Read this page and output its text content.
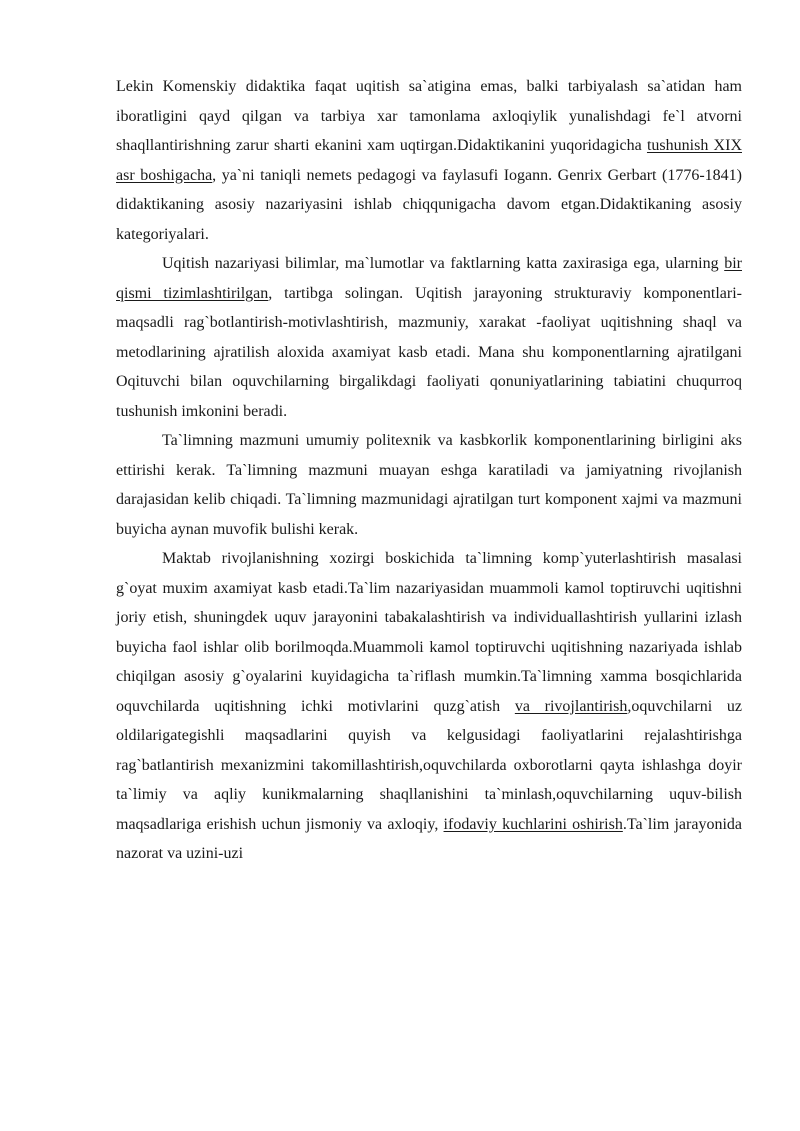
Lekin Komenskiy didaktika faqat uqitish sa`atigina emas, balki tarbiyalash sa`atidan ham iboratligini qayd qilgan va tarbiya xar tamonlama axloqiylik yunalishdagi fe`l atvorni shaqllantirishning zarur sharti ekanini xam uqtirgan.Didaktikanini yuqoridagicha tushunish XIX asr boshigacha, ya`ni taniqli nemets pedagogi va faylasufi Iogann. Genrix Gerbart (1776-1841) didaktikaning asosiy nazariyasini ishlab chiqqunigacha davom etgan.Didaktikaning asosiy kategoriyalari.

Uqitish nazariyasi bilimlar, ma`lumotlar va faktlarning katta zaxirasiga ega, ularning bir qismi tizimlashtirilgan, tartibga solingan. Uqitish jarayoning strukturaviy komponentlari- maqsadli rag`botlantirish-motivlashtirish, mazmuniy, xarakat -faoliyat uqitishning shaql va metodlarining ajratilish aloxida axamiyat kasb etadi. Mana shu komponentlarning ajratilgani Oqituvchi bilan oquvchilarning birgalikdagi faoliyati qonuniyatlarining tabiatini chuqurroq tushunish imkonini beradi.

Ta`limning mazmuni umumiy politexnik va kasbkorlik komponentlarining birligini aks ettirishi kerak. Ta`limning mazmuni muayan eshga karatiladi va jamiyatning rivojlanish darajasidan kelib chiqadi. Ta`limning mazmunidagi ajratilgan turt komponent xajmi va mazmuni buyicha aynan muvofik bulishi kerak.

Maktab rivojlanishning xozirgi boskichida ta`limning komp`yuterlashtirish masalasi g`oyat muxim axamiyat kasb etadi.Ta`lim nazariyasidan muammoli kamol toptiruvchi uqitishni joriy etish, shuningdek uquv jarayonini tabakalashtirish va individuallashtirish yullarini izlash buyicha faol ishlar olib borilmoqda.Muammoli kamol toptiruvchi uqitishning nazariyada ishlab chiqilgan asosiy g`oyalarini kuyidagicha ta`riflash mumkin.Ta`limning xamma bosqichlarida oquvchilarda uqitishning ichki motivlarini quzg`atish va rivojlantirish,oquvchilarni uz oldilarigategishli maqsadlarini quyish va kelgusidagi faoliyatlarini rejalashtirishga rag`batlantirish mexanizmini takomillashtirish,oquvchilarda oxborotlarni qayta ishlashga doyir ta`limiy va aqliy kunikmalarning shaqllanishini ta`minlash,oquvchilarning uquv-bilish maqsadlariga erishish uchun jismoniy va axloqiy, ifodaviy kuchlarini oshirish.Ta`lim jarayonida nazorat va uzini-uzi
